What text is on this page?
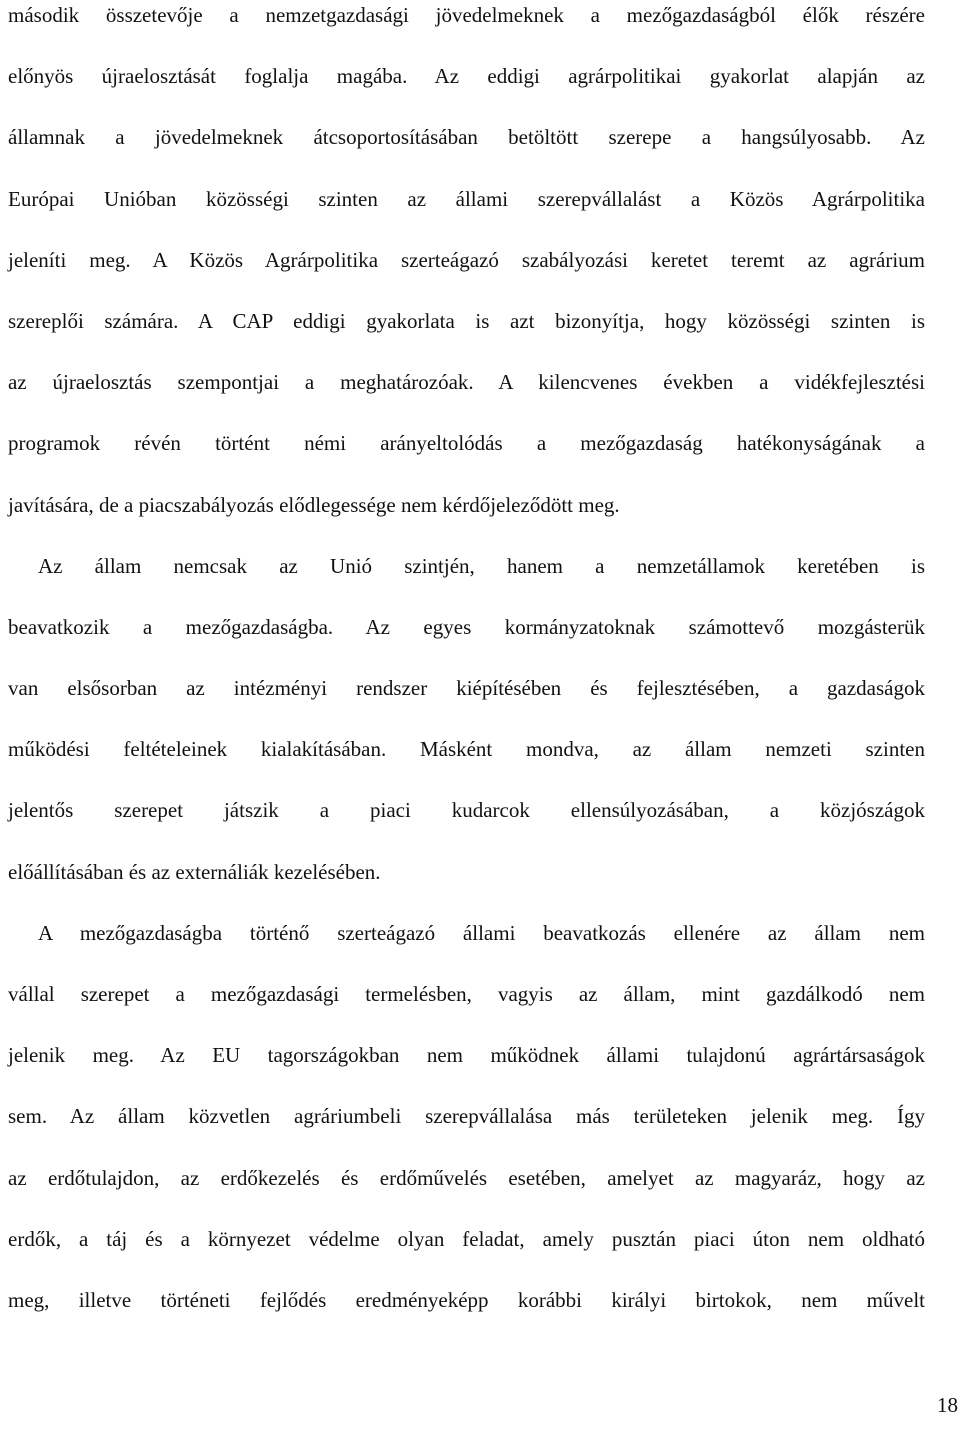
második összetevője a nemzetgazdasági jövedelmeknek a mezőgazdaságból élők részére
előnyös újraelosztását foglalja magába. Az eddigi agrárpolitikai gyakorlat alapján az
államnak a jövedelmeknek átcsoportosításában betöltött szerepe a hangsúlyosabb. Az
Európai Unióban közösségi szinten az állami szerepvállalást a Közös Agrárpolitika
jeleníti meg. A Közös Agrárpolitika szerteágazó szabályozási keretet teremt az agrárium
szereplői számára. A CAP eddigi gyakorlata is azt bizonyítja, hogy közösségi szinten is
az újraelosztás szempontjai a meghatározóak. A kilencvenes években a vidékfejlesztési
programok révén történt némi arányeltolódás a mezőgazdaság hatékonyságának a
javítására, de a piacszabályozás elődlegessége nem kérdőjeleződött meg.
Az állam nemcsak az Unió szintjén, hanem a nemzetállamok keretében is
beavatkozik a mezőgazdaságba. Az egyes kormányzatoknak számottevő mozgásterük
van elsősorban az intézményi rendszer kiépítésében és fejlesztésében, a gazdaságok
működési feltételeinek kialakításában. Másként mondva, az állam nemzeti szinten
jelentős szerepet játszik a piaci kudarcok ellensúlyozásában, a közjószágok
előállításában és az externáliák kezelésében.
A mezőgazdaságba történő szerteágazó állami beavatkozás ellenére az állam nem
vállal szerepet a mezőgazdasági termelésben, vagyis az állam, mint gazdálkodó nem
jelenik meg. Az EU tagországokban nem működnek állami tulajdonú agrártársaságok
sem. Az állam közvetlen agráriumbeli szerepvállalása más területeken jelenik meg. Így
az erdőtulajdon, az erdőkezelés és erdőművelés esetében, amelyet az magyaráz, hogy az
erdők, a táj és a környezet védelme olyan feladat, amely pusztán piaci úton nem oldható
meg, illetve történeti fejlődés eredményeképp korábbi királyi birtokok, nem művelt
18
